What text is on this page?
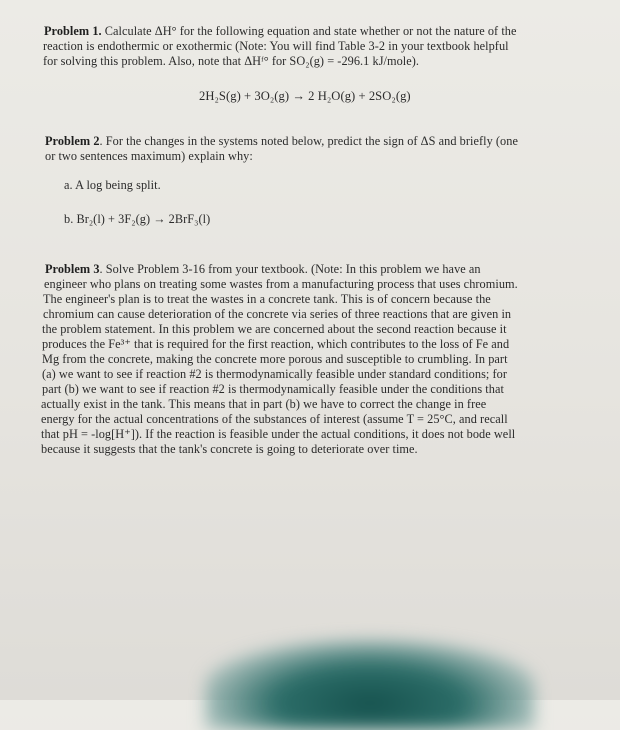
Problem 1. Calculate ΔH° for the following equation and state whether or not the nature of the
reaction is endothermic or exothermic (Note: You will find Table 3-2 in your textbook helpful
for solving this problem. Also, note that ΔHᶠ° for SO₂(g) = -296.1 kJ/mole).
2H₂S(g) + 3O₂(g) → 2 H₂O(g) + 2SO₂(g)
Problem 2. For the changes in the systems noted below, predict the sign of ΔS and briefly (one
or two sentences maximum) explain why:
a. A log being split.
b. Br₂(l) + 3F₂(g) → 2BrF₃(l)
Problem 3. Solve Problem 3-16 from your textbook. (Note: In this problem we have an
engineer who plans on treating some wastes from a manufacturing process that uses chromium.
The engineer's plan is to treat the wastes in a concrete tank. This is of concern because the
chromium can cause deterioration of the concrete via series of three reactions that are given in
the problem statement. In this problem we are concerned about the second reaction because it
produces the Fe³⁺ that is required for the first reaction, which contributes to the loss of Fe and
Mg from the concrete, making the concrete more porous and susceptible to crumbling. In part
(a) we want to see if reaction #2 is thermodynamically feasible under standard conditions; for
part (b) we want to see if reaction #2 is thermodynamically feasible under the conditions that
actually exist in the tank. This means that in part (b) we have to correct the change in free
energy for the actual concentrations of the substances of interest (assume T = 25°C, and recall
that pH = -log[H⁺]). If the reaction is feasible under the actual conditions, it does not bode well
because it suggests that the tank's concrete is going to deteriorate over time.
